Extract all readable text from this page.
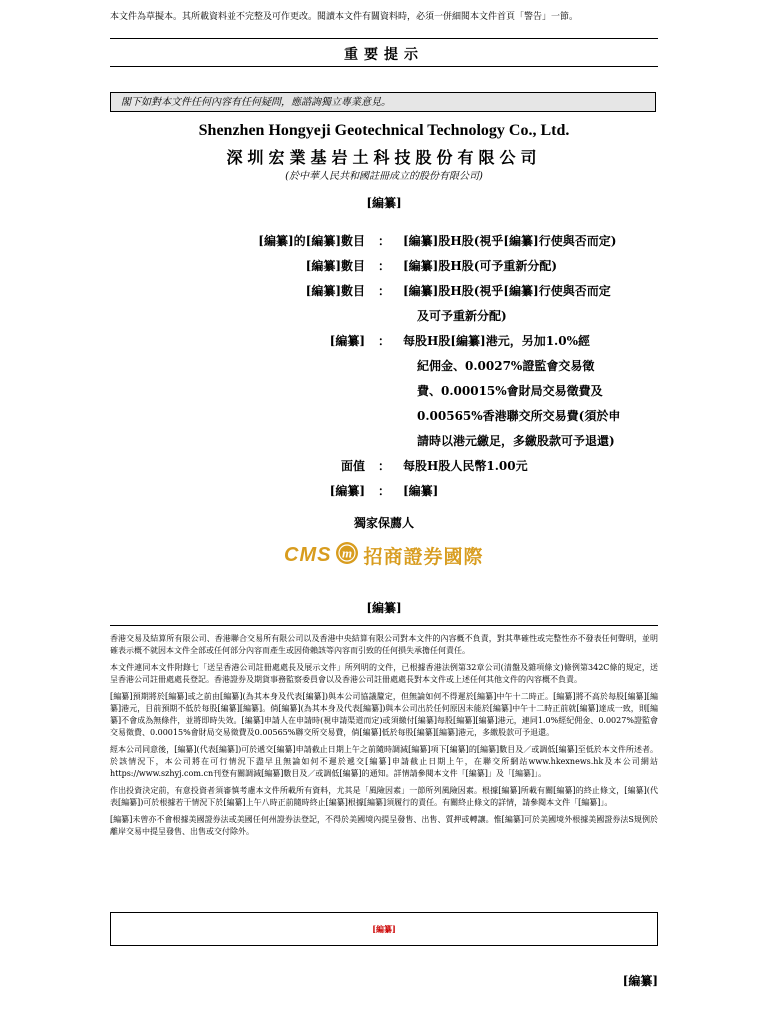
本文件為草擬本。其所載資料並不完整及可作更改。閱讀本文件有關資料時，必須一併細閱本文件首頁「警告」一節。
重要提示
閣下如對本文件任何內容有任何疑問，應諮詢獨立專業意見。
Shenzhen Hongyeji Geotechnical Technology Co., Ltd.
深圳宏業基岩土科技股份有限公司
(於中華人民共和國註冊成立的股份有限公司)
[編纂]
[編纂]的[編纂]數目	：	[編纂]股H股(視乎[編纂]行使與否而定)
[編纂]數目	：	[編纂]股H股(可予重新分配)
[編纂]數目	：	[編纂]股H股(視乎[編纂]行使與否而定
及可予重新分配)
[編纂]	：	每股H股[編纂]港元，另加1.0%經
紀佣金、0.0027%證監會交易徵
費、0.00015%會財局交易徵費及
0.00565%香港聯交所交易費(須於申
請時以港元繳足，多繳股款可予退還)
面值	：	每股H股人民幣1.00元
[編纂]	：	[編纂]
獨家保薦人
CMS m 招商證券國際
[編纂]

香港交易及結算所有限公司、香港聯合交易所有限公司以及香港中央結算有限公司對本文件的內容概不負責，對其準確性或完整性亦不發表任何聲明，並明確表示概不就因本文件全部或任何部分內容而產生或因倚賴該等內容而引致的任何損失承擔任何責任。

本文件連同本文件附錄七「送呈香港公司註冊處處長及展示文件」所列明的文件，已根據香港法例第32章公司(清盤及雜項條文)條例第342C條的規定，送呈香港公司註冊處處長登記。香港證券及期貨事務監察委員會以及香港公司註冊處處長對本文件或上述任何其他文件的內容概不負責。

[編纂]預期將於[編纂]或之前由[編纂](為其本身及代表[編纂])與本公司協議釐定，但無論如何不得遲於[編纂]中午十二時正。[編纂]將不高於每股[編纂][編纂]港元，目前預期不低於每股[編纂][編纂]。倘[編纂](為其本身及代表[編纂])與本公司出於任何原因未能於[編纂]中午十二時正前就[編纂]達成一致，則[編纂]不會成為無條件，並將即時失效。[編纂]申請人在申請時(視申請渠道而定)或須繳付[編纂]每股[編纂][編纂]港元，連同1.0%經紀佣金、0.0027%證監會交易徵費、0.00015%會財局交易徵費及0.00565%聯交所交易費，倘[編纂]低於每股[編纂][編纂]港元，多繳股款可予退還。

經本公司同意後，[編纂](代表[編纂])可於遞交[編纂]申請截止日期上午之前隨時調減[編纂]項下[編纂]的[編纂]數目及／或調低[編纂]至低於本文件所述者。於該情況下，本公司將在可行情況下盡早且無論如何不遲於遞交[編纂]申請截止日期上午，在聯交所網站www.hkexnews.hk及本公司網站https://www.szhyj.com.cn刊登有關調減[編纂]數目及／或調低[編纂]的通知。詳情請參閱本文件「[編纂]」及「[編纂]」。

作出投資決定前，有意投資者須審慎考慮本文件所載所有資料，尤其是「風險因素」一節所列風險因素。根據[編纂]所載有關[編纂]的終止條文，[編纂](代表[編纂])可於根據若干情況下於[編纂]上午八時正前隨時終止[編纂]根據[編纂]須履行的責任。有關終止條文的詳情，請參閱本文件「[編纂]」。

[編纂]未曾亦不會根據美國證券法或美國任何州證券法登記，不得於美國境內提呈發售、出售、質押或轉讓。惟[編纂]可於美國境外根據美國證券法S規例於離岸交易中提呈發售、出售或交付除外。

[編纂]
[編纂]
